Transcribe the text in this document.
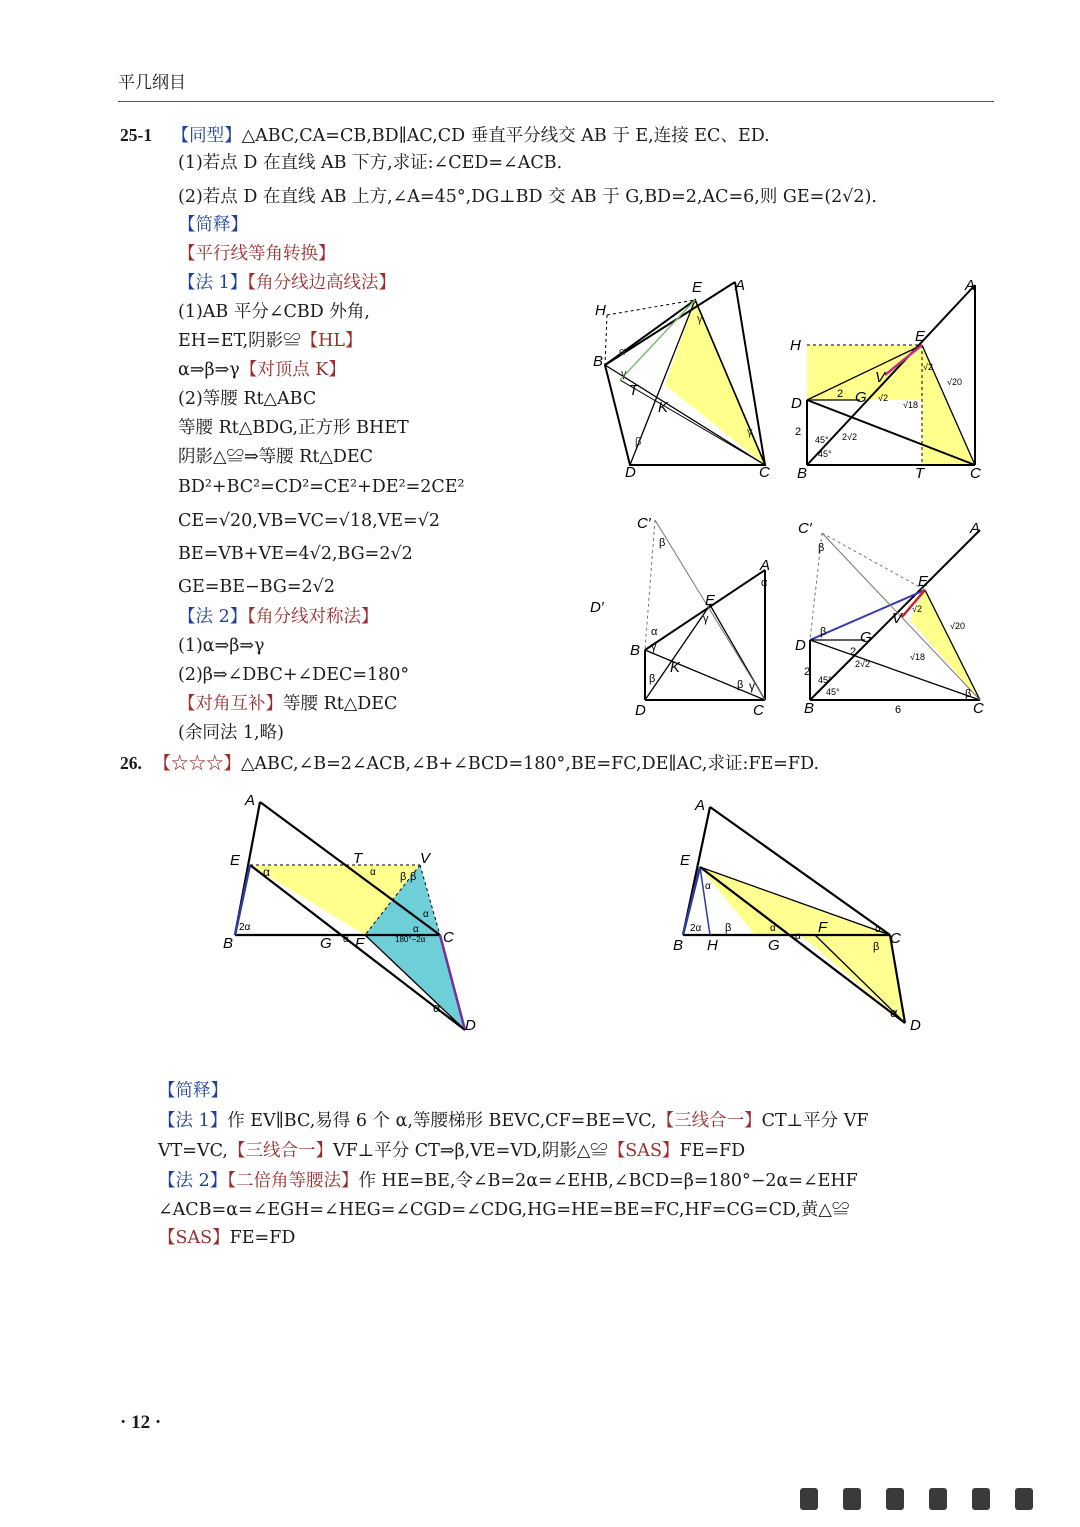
平几纲目
25-1 【同型】△ABC,CA=CB,BD∥AC,CD 垂直平分线交 AB 于 E,连接 EC、ED.
(1)若点 D 在直线 AB 下方,求证:∠CED=∠ACB.
(2)若点 D 在直线 AB 上方,∠A=45°,DG⊥BD 交 AB 于 G,BD=2,AC=6,则 GE=(2√2).
【简释】
【平行线等角转换】
【法 1】【角分线边高线法】
(1)AB 平分∠CBD 外角,
EH=ET,阴影≌【HL】
α⇒β⇒γ【对顶点 K】
(2)等腰 Rt△ABC
等腰 Rt△BDG,正方形 BHET
阴影△≌⇒等腰 Rt△DEC
BD²+BC²=CD²=CE²+DE²=2CE²
CE=√20,VB=VC=√18,VE=√2
BE=VB+VE=4√2,BG=2√2
GE=BE−BG=2√2
【法 2】【角分线对称法】
(1)α⇒β⇒γ
(2)β⇒∠DBC+∠DEC=180°
【对角互补】等腰 Rt△DEC
(余同法 1,略)
H
E A
B
T
K
D	C
γ
α
γ
β
γ
H
E
A
D	G
V
B	T	C
2
2
45°
45°
2√2
√2
√18
√20
√2
C′
D′	E
A
B
K
D	C
β
α
α
γ
γ
β	β γ
C′
E
A
D	G
V
B	C
β
β
β
2
2
45°
45°
2√2
√2
√18
√20
6
26. 【☆☆☆】△ABC,∠B=2∠ACB,∠B+∠BCD=180°,BE=FC,DE∥AC,求证:FE=FD.
A
E	T	V
B	G F	C
D
2α
α	α β β
α
α
180°−2α
α
α
A
E
B H	G
F
C
D
2α
α
β	α
α
α
β
α
【简释】
【法 1】作 EV∥BC,易得 6 个 α,等腰梯形 BEVC,CF=BE=VC,【三线合一】CT⊥平分 VF
VT=VC,【三线合一】VF⊥平分 CT⇒β,VE=VD,阴影△≌【SAS】FE=FD
【法 2】【二倍角等腰法】作 HE=BE,令∠B=2α=∠EHB,∠BCD=β=180°−2α=∠EHF
∠ACB=α=∠EGH=∠HEG=∠CGD=∠CDG,HG=HE=BE=FC,HF=CG=CD,黄△≌
【SAS】FE=FD
· 12 ·
